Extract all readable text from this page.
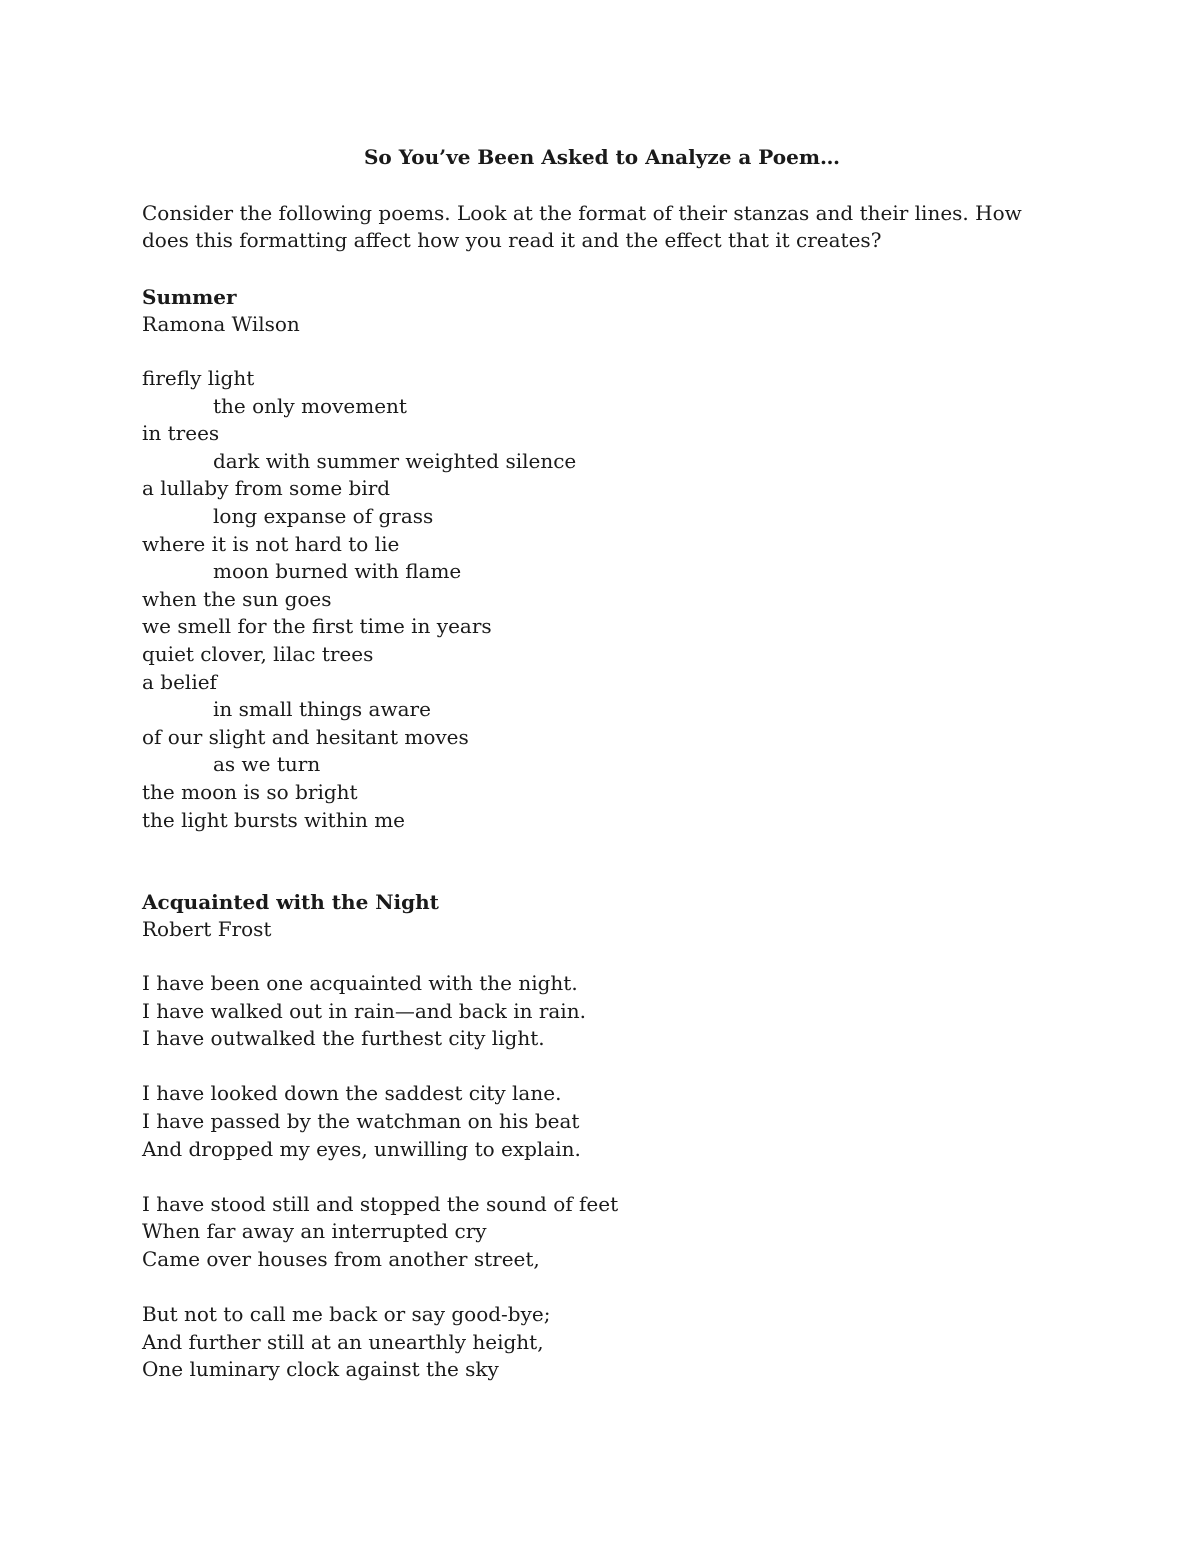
So You’ve Been Asked to Analyze a Poem…

Consider the following poems. Look at the format of their stanzas and their lines. How does this formatting affect how you read it and the effect that it creates?

Summer

Ramona Wilson

firefly light
the only movement
in trees
dark with summer weighted silence
a lullaby from some bird
long expanse of grass
where it is not hard to lie
moon burned with flame
when the sun goes
we smell for the first time in years
quiet clover, lilac trees
a belief
in small things aware
of our slight and hesitant moves
as we turn
the moon is so bright
the light bursts within me

Acquainted with the Night

Robert Frost

I have been one acquainted with the night.
I have walked out in rain—and back in rain.
I have outwalked the furthest city light.
I have looked down the saddest city lane.
I have passed by the watchman on his beat
And dropped my eyes, unwilling to explain.
I have stood still and stopped the sound of feet
When far away an interrupted cry
Came over houses from another street,
But not to call me back or say good-bye;
And further still at an unearthly height,
One luminary clock against the sky
